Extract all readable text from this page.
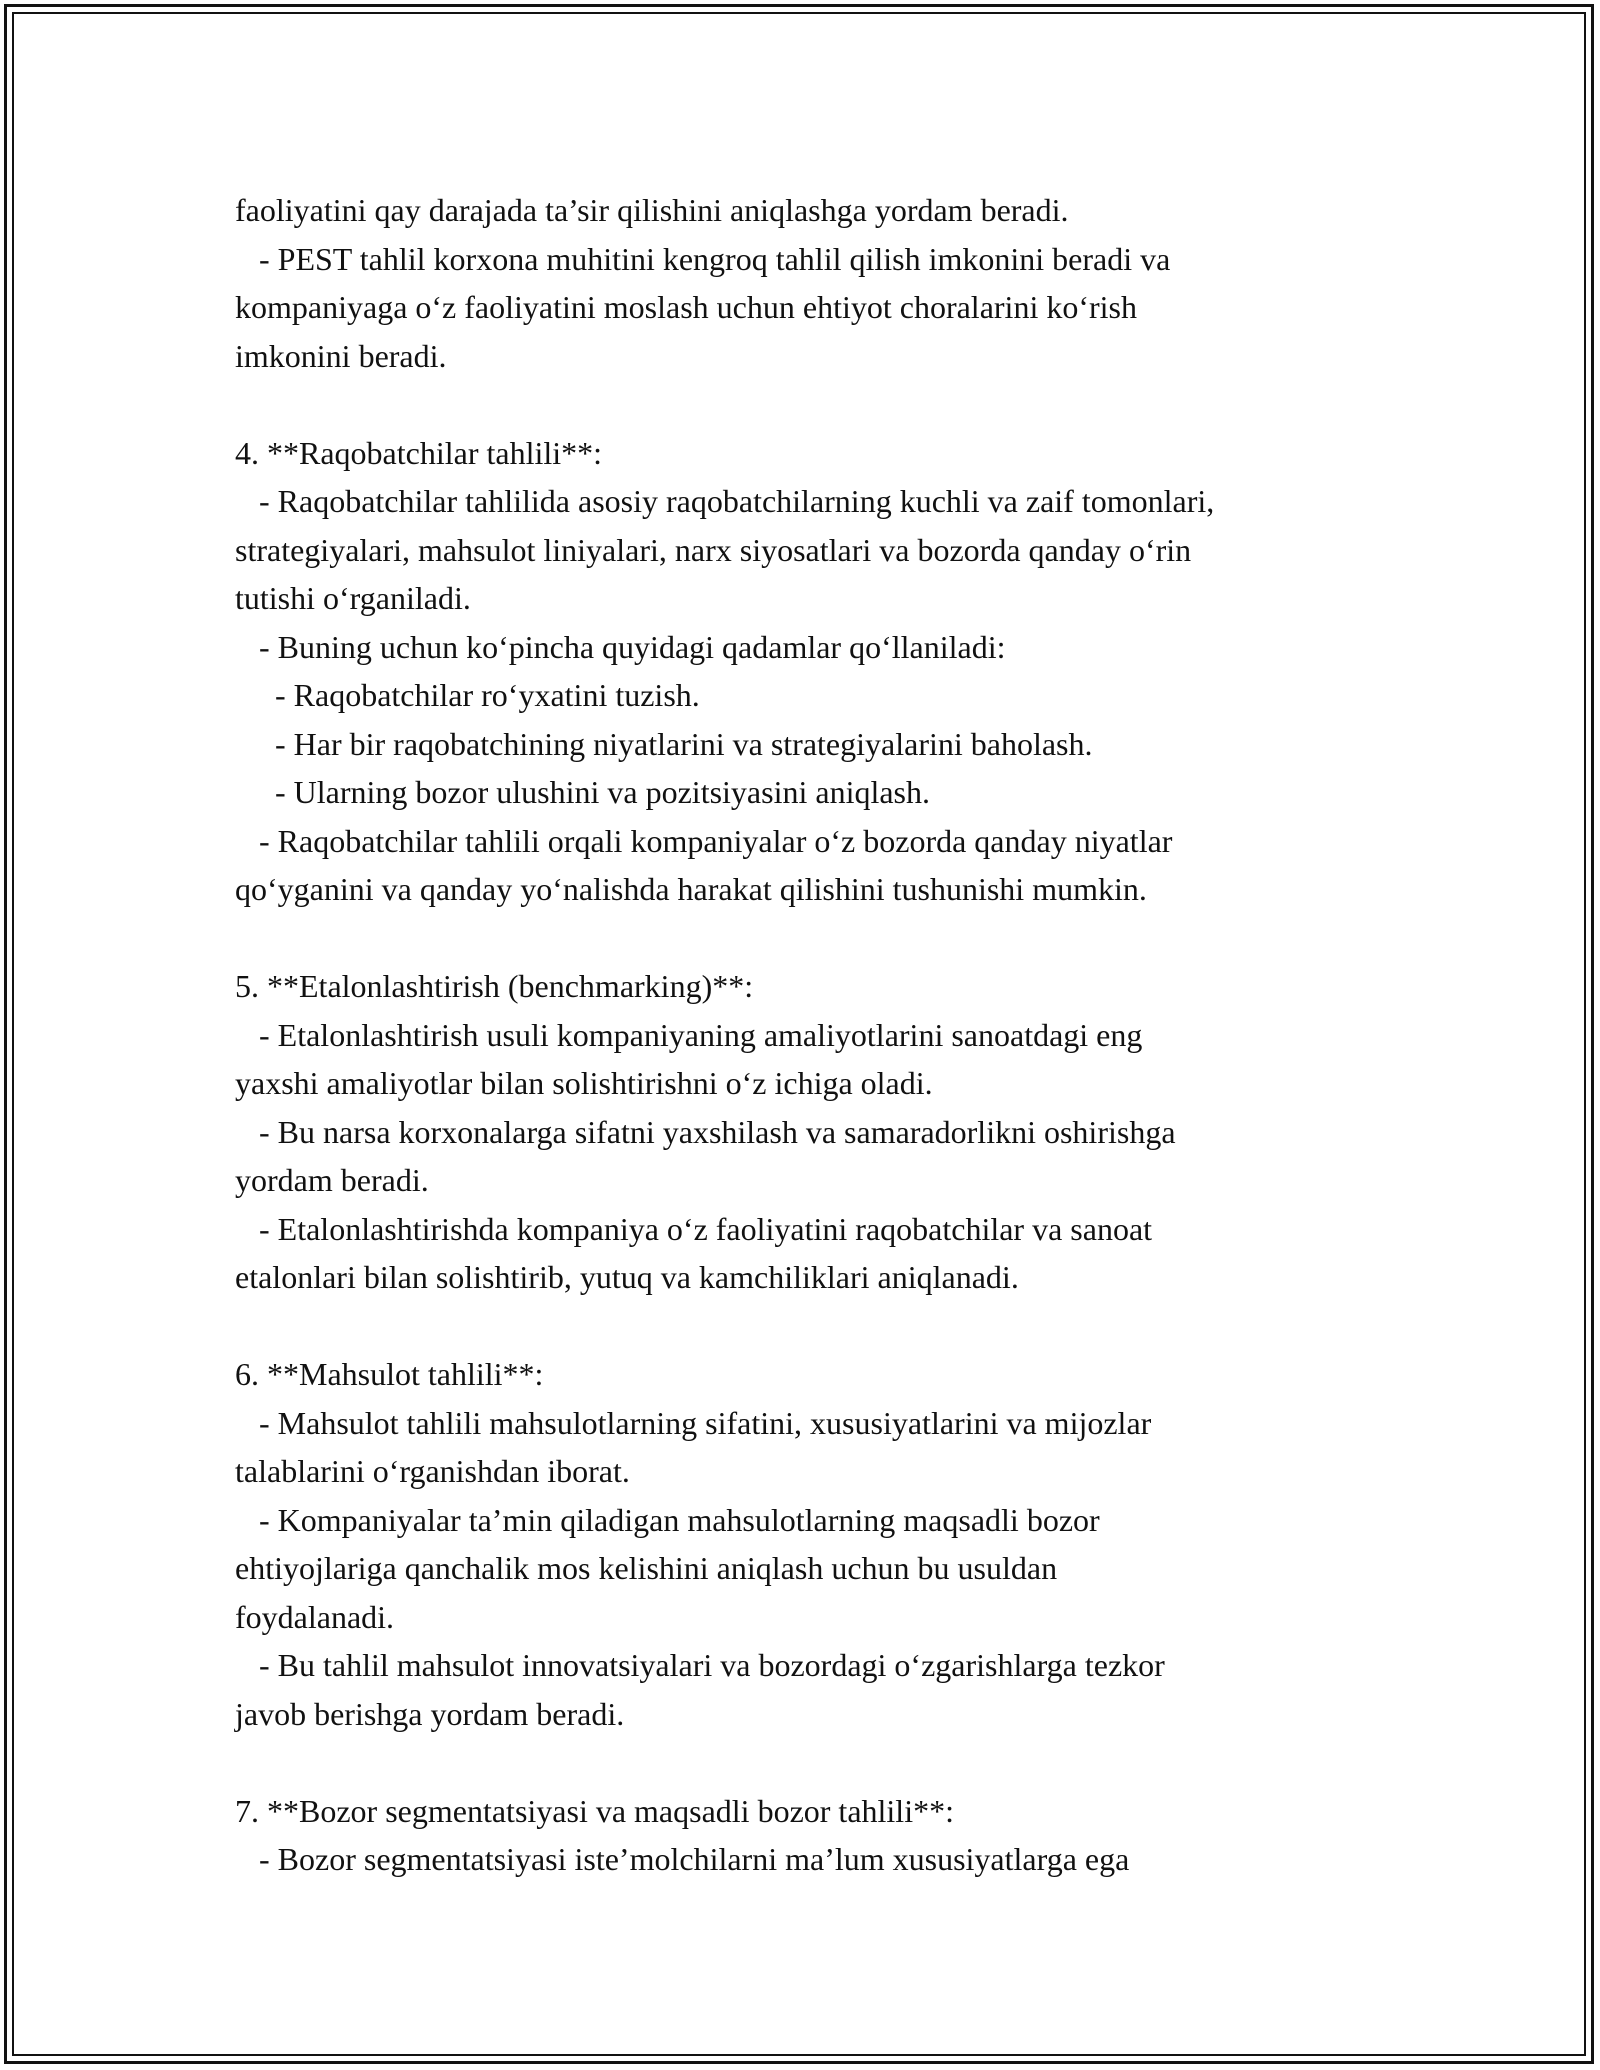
faoliyatini qay darajada ta’sir qilishini aniqlashga yordam beradi.
- PEST tahlil korxona muhitini kengroq tahlil qilish imkonini beradi va
kompaniyaga o‘z faoliyatini moslash uchun ehtiyot choralarini ko‘rish
imkonini beradi.
4. **Raqobatchilar tahlili**:
- Raqobatchilar tahlilida asosiy raqobatchilarning kuchli va zaif tomonlari,
strategiyalari, mahsulot liniyalari, narx siyosatlari va bozorda qanday o‘rin
tutishi o‘rganiladi.
- Buning uchun ko‘pincha quyidagi qadamlar qo‘llaniladi:
- Raqobatchilar ro‘yxatini tuzish.
- Har bir raqobatchining niyatlarini va strategiyalarini baholash.
- Ularning bozor ulushini va pozitsiyasini aniqlash.
- Raqobatchilar tahlili orqali kompaniyalar o‘z bozorda qanday niyatlar
qo‘yganini va qanday yo‘nalishda harakat qilishini tushunishi mumkin.
5. **Etalonlashtirish (benchmarking)**:
- Etalonlashtirish usuli kompaniyaning amaliyotlarini sanoatdagi eng
yaxshi amaliyotlar bilan solishtirishni o‘z ichiga oladi.
- Bu narsa korxonalarga sifatni yaxshilash va samaradorlikni oshirishga
yordam beradi.
- Etalonlashtirishda kompaniya o‘z faoliyatini raqobatchilar va sanoat
etalonlari bilan solishtirib, yutuq va kamchiliklari aniqlanadi.
6. **Mahsulot tahlili**:
- Mahsulot tahlili mahsulotlarning sifatini, xususiyatlarini va mijozlar
talablarini o‘rganishdan iborat.
- Kompaniyalar ta’min qiladigan mahsulotlarning maqsadli bozor
ehtiyojlariga qanchalik mos kelishini aniqlash uchun bu usuldan
foydalanadi.
- Bu tahlil mahsulot innovatsiyalari va bozordagi o‘zgarishlarga tezkor
javob berishga yordam beradi.
7. **Bozor segmentatsiyasi va maqsadli bozor tahlili**:
- Bozor segmentatsiyasi iste’molchilarni ma’lum xususiyatlarga ega
